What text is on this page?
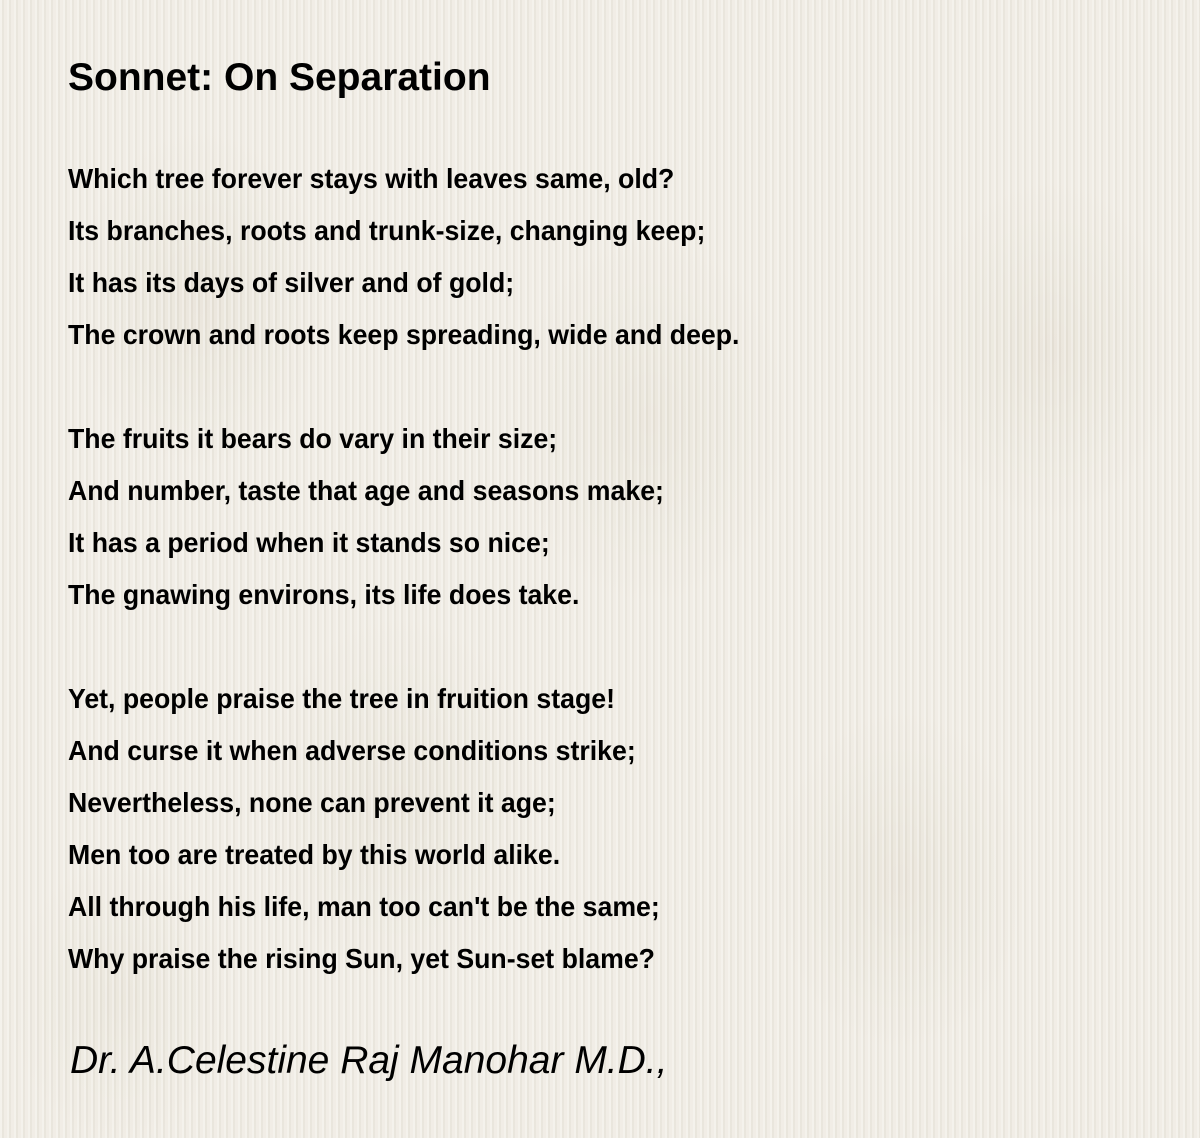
Sonnet: On Separation
Which tree forever stays with leaves same, old?
Its branches, roots and trunk-size, changing keep;
It has its days of silver and of gold;
The crown and roots keep spreading, wide and deep.
The fruits it bears do vary in their size;
And number, taste that age and seasons make;
It has a period when it stands so nice;
The gnawing environs, its life does take.
Yet, people praise the tree in fruition stage!
And curse it when adverse conditions strike;
Nevertheless, none can prevent it age;
Men too are treated by this world alike.
All through his life, man too can't be the same;
Why praise the rising Sun, yet Sun-set blame?
Dr. A.Celestine Raj Manohar M.D.,
